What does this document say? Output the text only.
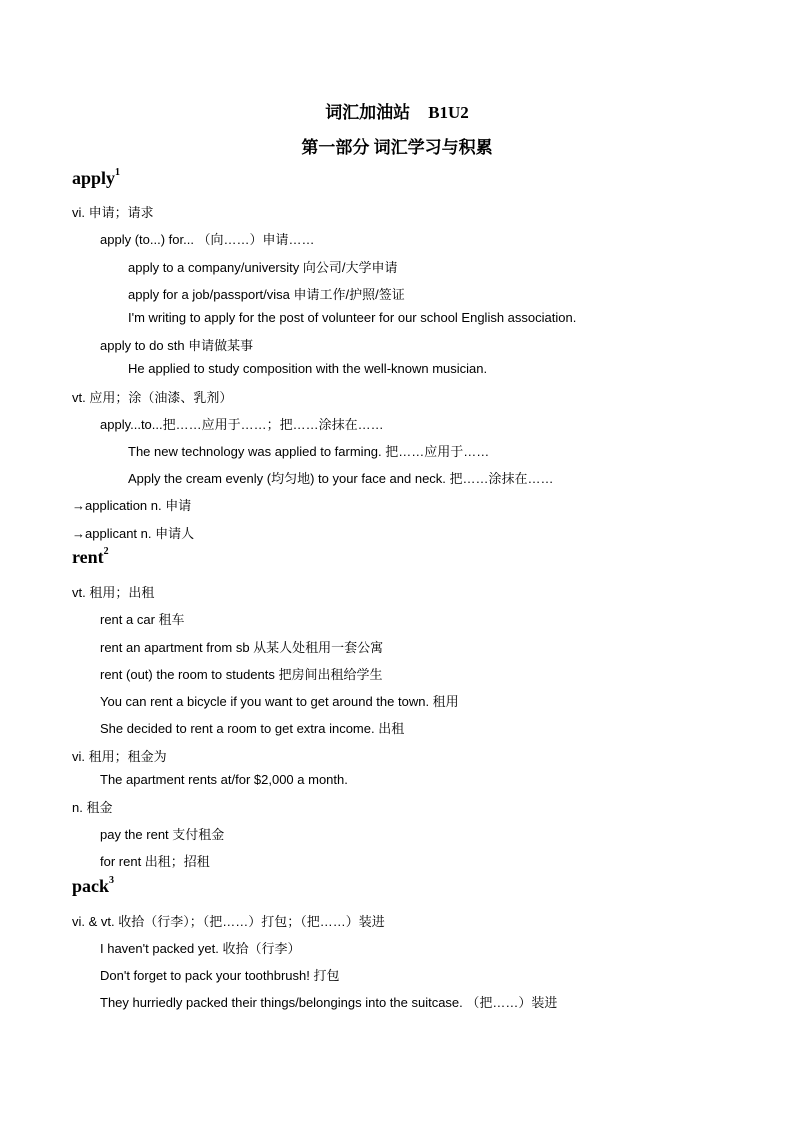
词汇加油站 B1U2
第一部分 词汇学习与积累
apply$^1$
vi. 申请；请求
apply (to...) for... （向……）申请……
apply to a company/university 向公司/大学申请
apply for a job/passport/visa 申请工作/护照/签证
I'm writing to apply for the post of volunteer for our school English association.
apply to do sth 申请做某事
He applied to study composition with the well-known musician.
vt. 应用；涂（油漆、乳剂）
apply...to...把……应用于……；把……涂抹在……
The new technology was applied to farming. 把……应用于……
Apply the cream evenly (均匀地) to your face and neck. 把……涂抹在……
→application n. 申请
→applicant n. 申请人
rent$^2$
vt. 租用；出租
rent a car 租车
rent an apartment from sb 从某人处租用一套公寓
rent (out) the room to students 把房间出租给学生
You can rent a bicycle if you want to get around the town. 租用
She decided to rent a room to get extra income. 出租
vi. 租用；租金为
The apartment rents at/for $2,000 a month.
n. 租金
pay the rent 支付租金
for rent 出租；招租
pack$^3$
vi. & vt. 收拾（行李）；（把……）打包；（把……）装进
I haven't packed yet. 收拾（行李）
Don't forget to pack your toothbrush! 打包
They hurriedly packed their things/belongings into the suitcase. （把……）装进
